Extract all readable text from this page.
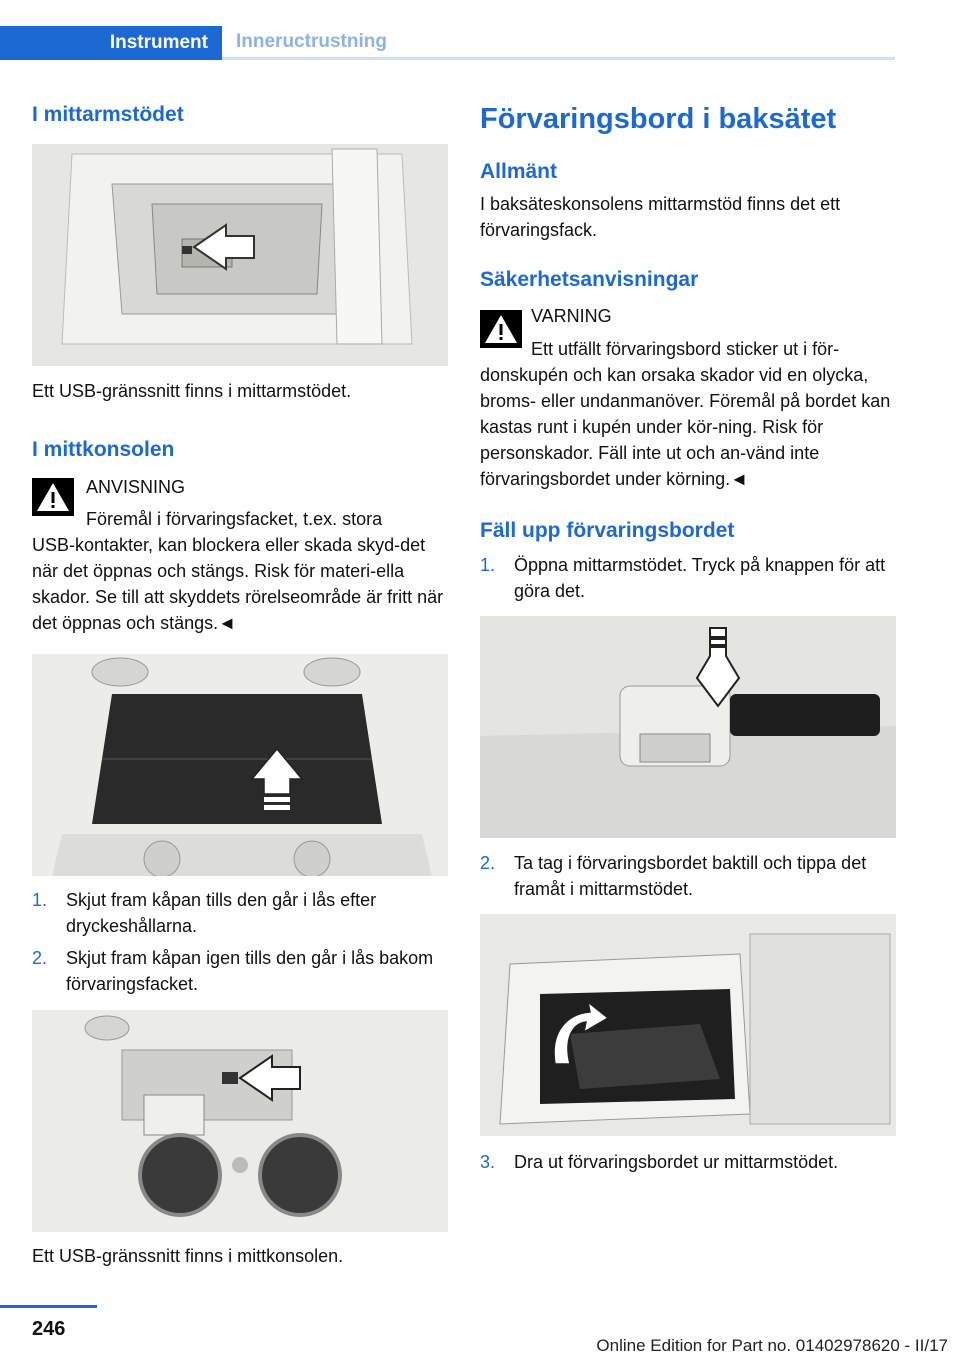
Instrument	Inneructrustning
I mittarmstödet

Ett USB-gränssnitt finns i mittarmstödet.

I mittkonsolen
ANVISNING

Föremål i förvaringsfacket, t.ex. stora

USB-kontakter, kan blockera eller skada skyd-det när det öppnas och stängs. Risk för materi-ella skador. Se till att skyddets rörelseområde är fritt när det öppnas och stängs.◄

1. Skjut fram kåpan tills den går i lås efter dryckeshållarna.
2. Skjut fram kåpan igen tills den går i lås bakom förvaringsfacket.

Ett USB-gränssnitt finns i mittkonsolen.

Förvaringsbord i baksätet
Allmänt

I baksäteskonsolens mittarmstöd finns det ett förvaringsfack.

Säkerhetsanvisningar
VARNING

Ett utfällt förvaringsbord sticker ut i för-

donskupén och kan orsaka skador vid en olycka, broms- eller undanmanöver. Föremål på bordet kan kastas runt i kupén under kör-ning. Risk för personskador. Fäll inte ut och an-vänd inte förvaringsbordet under körning.◄

Fäll upp förvaringsbordet
1. Öppna mittarmstödet. Tryck på knappen för att göra det.
2. Ta tag i förvaringsbordet baktill och tippa det framåt i mittarmstödet.
3. Dra ut förvaringsbordet ur mittarmstödet.
246
Online Edition for Part no. 01402978620 - II/17
